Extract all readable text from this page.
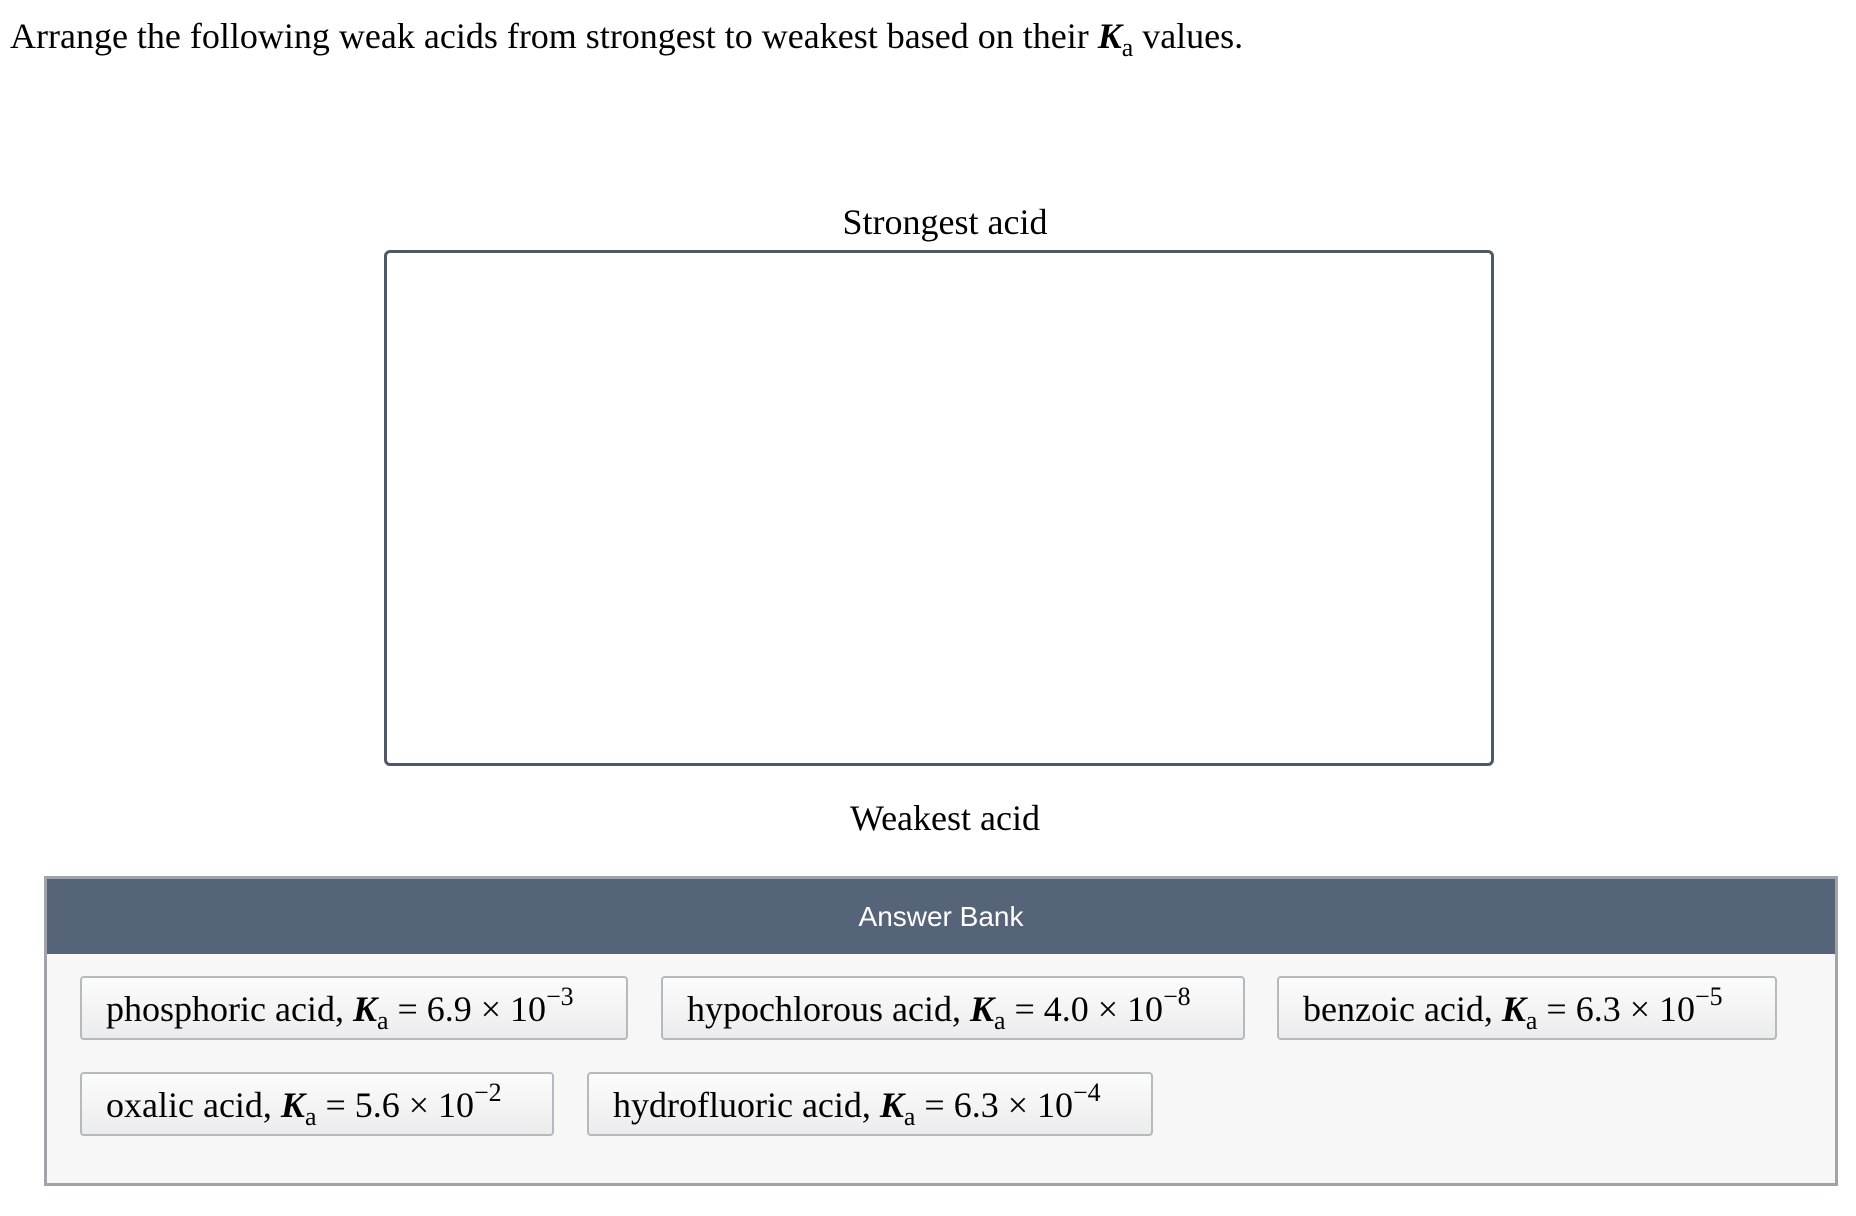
Arrange the following weak acids from strongest to weakest based on their $K_a$ values.
Strongest acid
Weakest acid
Answer Bank
phosphoric acid, $K_a = 6.9 \times 10^{-3}$	hypochlorous acid, $K_a = 4.0 \times 10^{-8}$	benzoic acid, $K_a = 6.3 \times 10^{-5}$
oxalic acid, $K_a = 5.6 \times 10^{-2}$	hydrofluoric acid, $K_a = 6.3 \times 10^{-4}$
